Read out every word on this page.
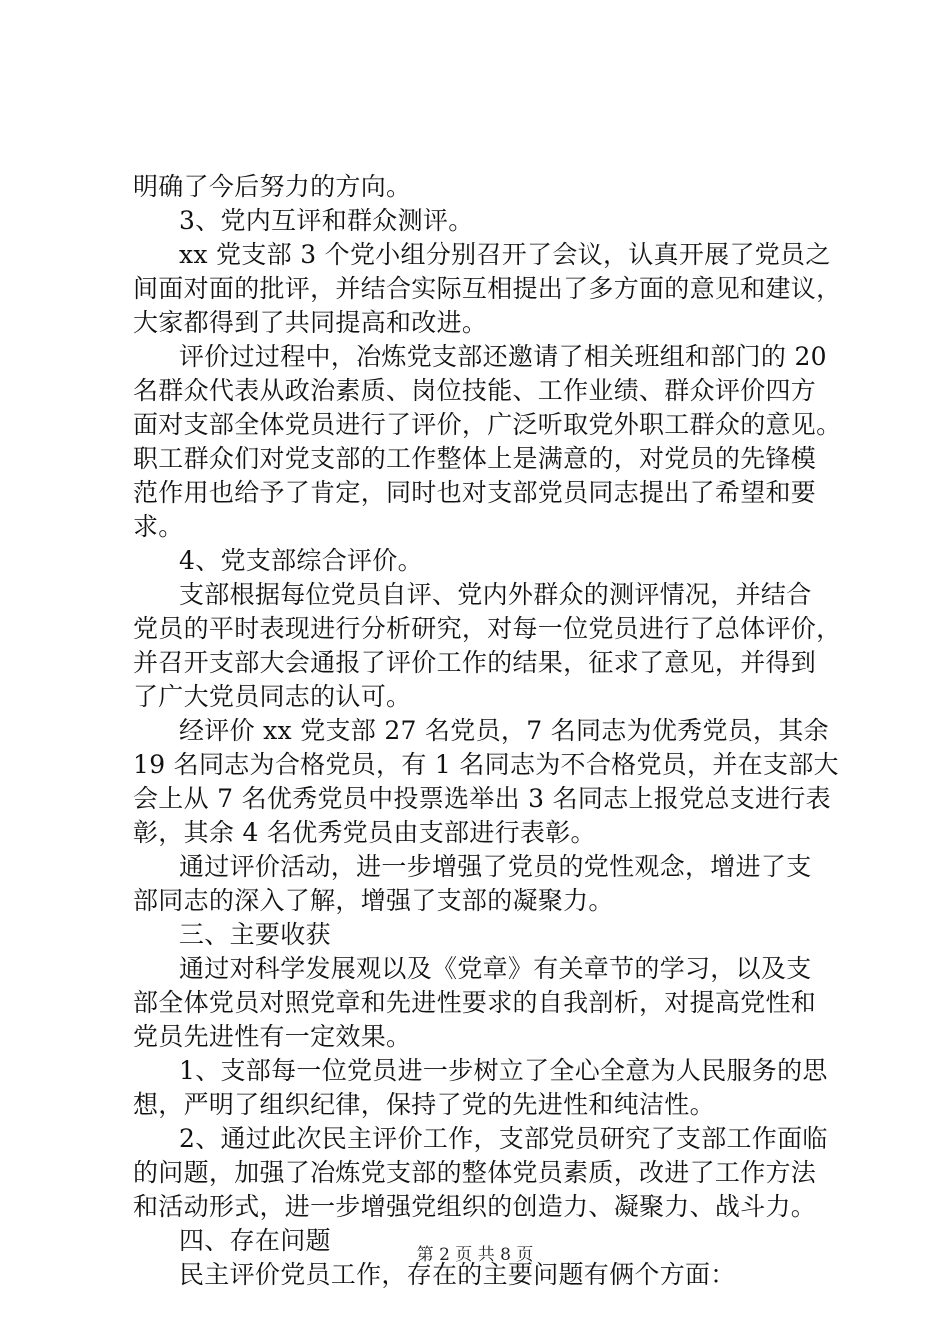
明确了今后努力的方向。
3、党内互评和群众测评。
xx 党支部 3 个党小组分别召开了会议，认真开展了党员之
间面对面的批评，并结合实际互相提出了多方面的意见和建议，
大家都得到了共同提高和改进。
评价过过程中，冶炼党支部还邀请了相关班组和部门的 20
名群众代表从政治素质、岗位技能、工作业绩、群众评价四方
面对支部全体党员进行了评价，广泛听取党外职工群众的意见。
职工群众们对党支部的工作整体上是满意的，对党员的先锋模
范作用也给予了肯定，同时也对支部党员同志提出了希望和要
求。
4、党支部综合评价。
支部根据每位党员自评、党内外群众的测评情况，并结合
党员的平时表现进行分析研究，对每一位党员进行了总体评价，
并召开支部大会通报了评价工作的结果，征求了意见，并得到
了广大党员同志的认可。
经评价 xx 党支部 27 名党员，7 名同志为优秀党员，其余
19 名同志为合格党员，有 1 名同志为不合格党员，并在支部大
会上从 7 名优秀党员中投票选举出 3 名同志上报党总支进行表
彰，其余 4 名优秀党员由支部进行表彰。
通过评价活动，进一步增强了党员的党性观念，增进了支
部同志的深入了解，增强了支部的凝聚力。
三、主要收获
通过对科学发展观以及《党章》有关章节的学习，以及支
部全体党员对照党章和先进性要求的自我剖析，对提高党性和
党员先进性有一定效果。
1、支部每一位党员进一步树立了全心全意为人民服务的思
想，严明了组织纪律，保持了党的先进性和纯洁性。
2、通过此次民主评价工作，支部党员研究了支部工作面临
的问题，加强了冶炼党支部的整体党员素质，改进了工作方法
和活动形式，进一步增强党组织的创造力、凝聚力、战斗力。
四、存在问题
民主评价党员工作，存在的主要问题有俩个方面：
第 2 页 共 8 页
